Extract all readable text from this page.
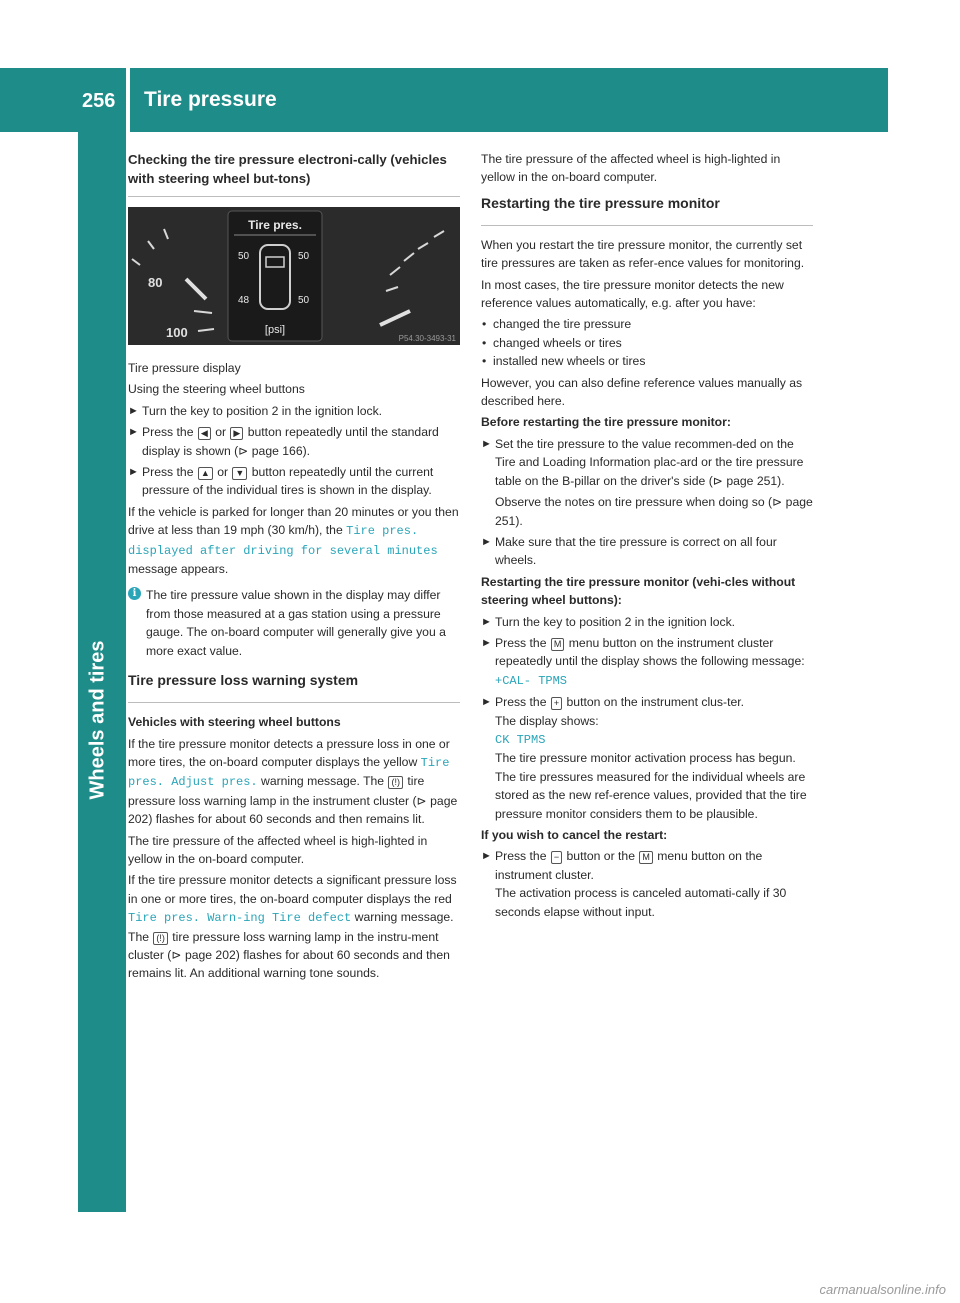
256 Tire pressure
Wheels and tires
Checking the tire pressure electroni-cally (vehicles with steering wheel but-tons)
80
100
Tire pres.
50	50
48	50
[psi]
P54.30-3493-31

Tire pressure display

Using the steering wheel buttons

► Turn the key to position 2 in the ignition lock.
► Press the ◀ or ▶ button repeatedly until the standard display is shown (⊳ page 166).
► Press the ▲ or ▼ button repeatedly until the current pressure of the individual tires is shown in the display.

If the vehicle is parked for longer than 20 minutes or you then drive at less than 19 mph (30 km/h), the Tire pres. displayed after driving for several minutes message appears.

i The tire pressure value shown in the display may differ from those measured at a gas station using a pressure gauge. The on-board computer will generally give you a more exact value.
Tire pressure loss warning system

Vehicles with steering wheel buttons

If the tire pressure monitor detects a pressure loss in one or more tires, the on-board computer displays the yellow Tire pres. Adjust pres. warning message. The (!) tire pressure loss warning lamp in the instrument cluster (⊳ page 202) flashes for about 60 seconds and then remains lit.

The tire pressure of the affected wheel is high-lighted in yellow in the on-board computer.

If the tire pressure monitor detects a significant pressure loss in one or more tires, the on-board computer displays the red Tire pres. Warn-ing Tire defect warning message. The (!) tire pressure loss warning lamp in the instru-ment cluster (⊳ page 202) flashes for about 60 seconds and then remains lit. An additional warning tone sounds.

The tire pressure of the affected wheel is high-lighted in yellow in the on-board computer.

Restarting the tire pressure monitor

When you restart the tire pressure monitor, the currently set tire pressures are taken as refer-ence values for monitoring.

In most cases, the tire pressure monitor detects the new reference values automatically, e.g. after you have:

• changed the tire pressure
• changed wheels or tires
• installed new wheels or tires

However, you can also define reference values manually as described here.

Before restarting the tire pressure monitor:

► Set the tire pressure to the value recommen-ded on the Tire and Loading Information plac-ard or the tire pressure table on the B-pillar on the driver's side (⊳ page 251).

Observe the notes on tire pressure when doing so (⊳ page 251).

► Make sure that the tire pressure is correct on all four wheels.

Restarting the tire pressure monitor (vehi-cles without steering wheel buttons):

► Turn the key to position 2 in the ignition lock.
► Press the M menu button on the instrument cluster repeatedly until the display shows the following message:
+CAL- TPMS
► Press the + button on the instrument clus-ter.
The display shows:
CK TPMS
The tire pressure monitor activation process has begun. The tire pressures measured for the individual wheels are stored as the new ref-erence values, provided that the tire pressure monitor considers them to be plausible.

If you wish to cancel the restart:

► Press the − button or the M menu button on the instrument cluster.
The activation process is canceled automati-cally if 30 seconds elapse without input.
carmanualsonline.info
